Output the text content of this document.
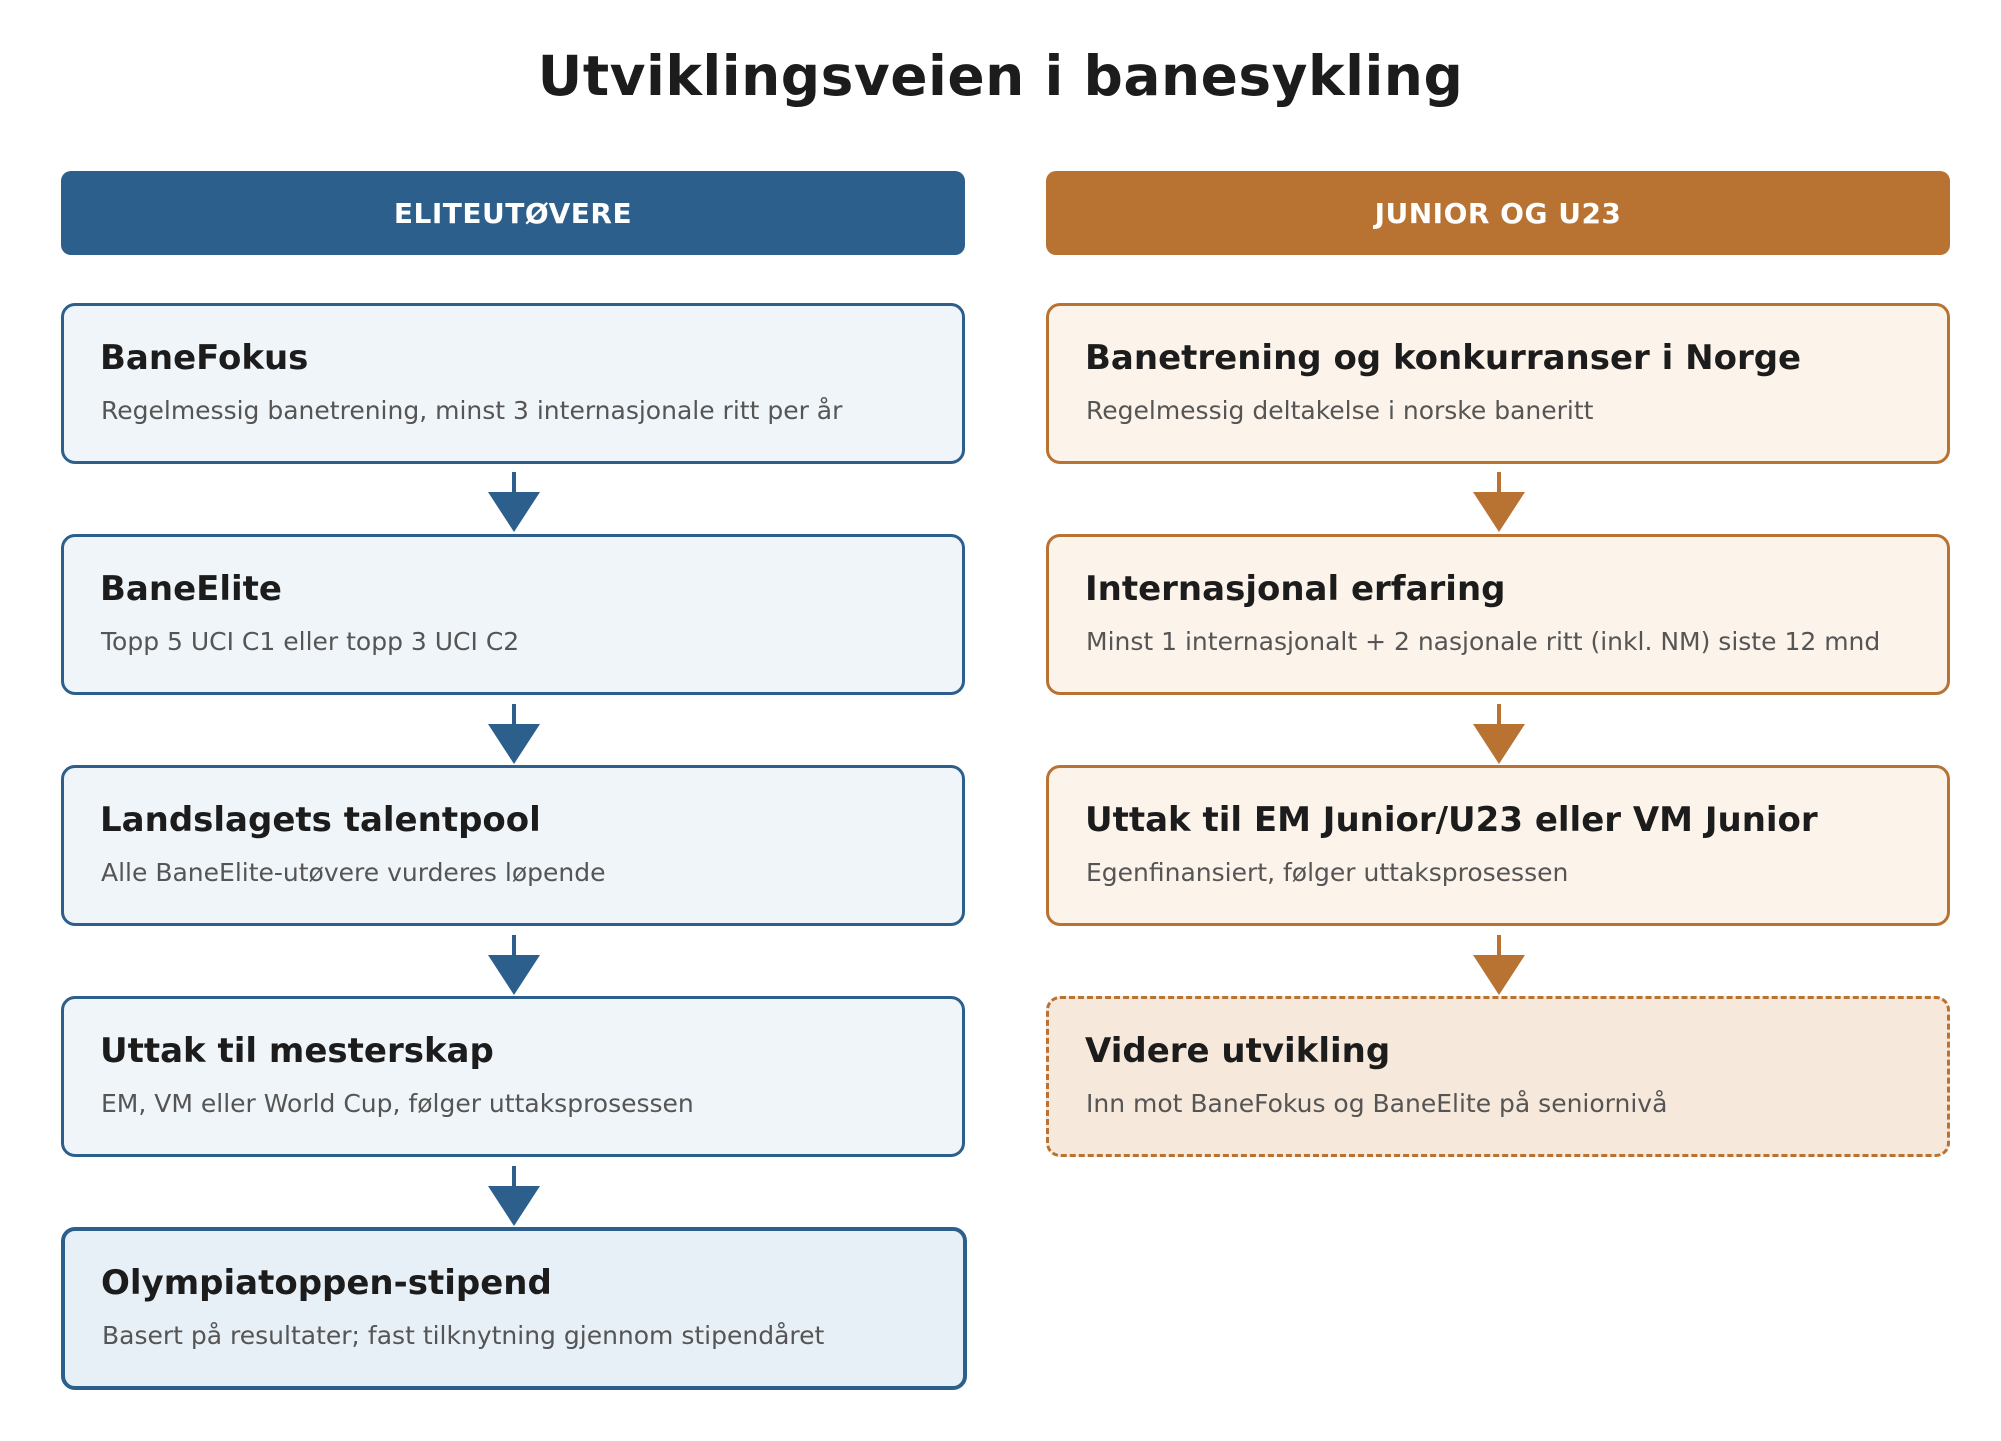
Utviklingsveien i banesykling
ELITEUTØVERE	JUNIOR OG U23
BaneFokus
Regelmessig banetrening, minst 3 internasjonale ritt per år
BaneElite
Topp 5 UCI C1 eller topp 3 UCI C2
Landslagets talentpool
Alle BaneElite-utøvere vurderes løpende
Uttak til mesterskap
EM, VM eller World Cup, følger uttaksprosessen
Olympiatoppen-stipend
Basert på resultater; fast tilknytning gjennom stipendåret
Banetrening og konkurranser i Norge
Regelmessig deltakelse i norske baneritt
Internasjonal erfaring
Minst 1 internasjonalt + 2 nasjonale ritt (inkl. NM) siste 12 mnd
Uttak til EM Junior/U23 eller VM Junior
Egenfinansiert, følger uttaksprosessen
Videre utvikling
Inn mot BaneFokus og BaneElite på seniornivå
